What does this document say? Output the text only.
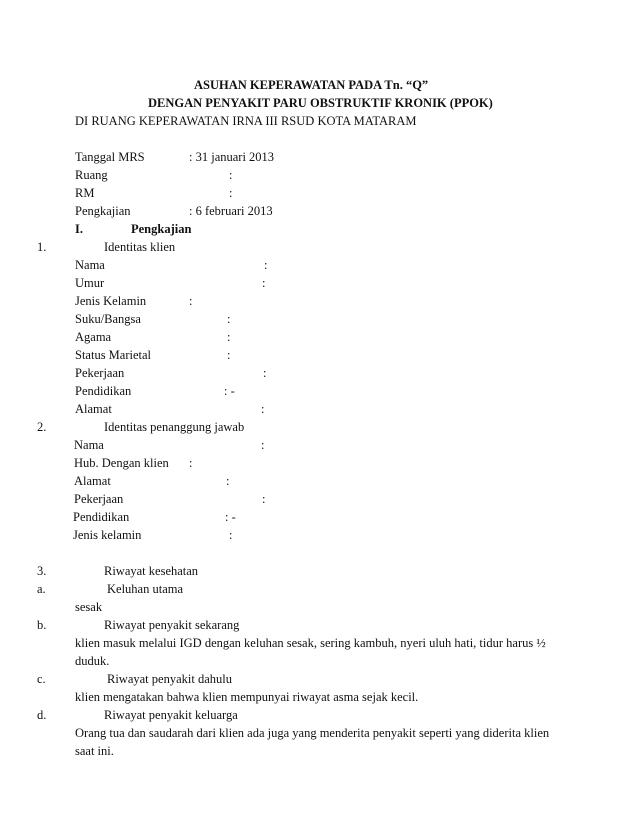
ASUHAN KEPERAWATAN PADA Tn. “Q”
DENGAN PENYAKIT PARU OBSTRUKTIF KRONIK (PPOK)
DI RUANG KEPERAWATAN IRNA III RSUD KOTA MATARAM
Tanggal MRS	: 31 januari 2013
Ruang	:
RM	:
Pengkajian	: 6 februari 2013
I.	Pengkajian
1.	Identitas klien
Nama	:
Umur	:
Jenis Kelamin	:
Suku/Bangsa	:
Agama	:
Status Marietal	:
Pekerjaan	:
Pendidikan	: -
Alamat	:
2.	Identitas penanggung jawab
Nama	:
Hub. Dengan klien :
Alamat	:
Pekerjaan	:
Pendidikan	: -
Jenis kelamin	:
3.	Riwayat kesehatan
a.	Keluhan utama
sesak
b.	Riwayat penyakit sekarang
klien masuk melalui IGD dengan keluhan sesak, sering kambuh, nyeri uluh hati, tidur harus ½
duduk.
c.	Riwayat penyakit dahulu
klien mengatakan bahwa klien mempunyai riwayat asma sejak kecil.
d.	Riwayat penyakit keluarga
Orang tua dan saudarah dari klien ada juga yang menderita penyakit seperti yang diderita klien
saat ini.
